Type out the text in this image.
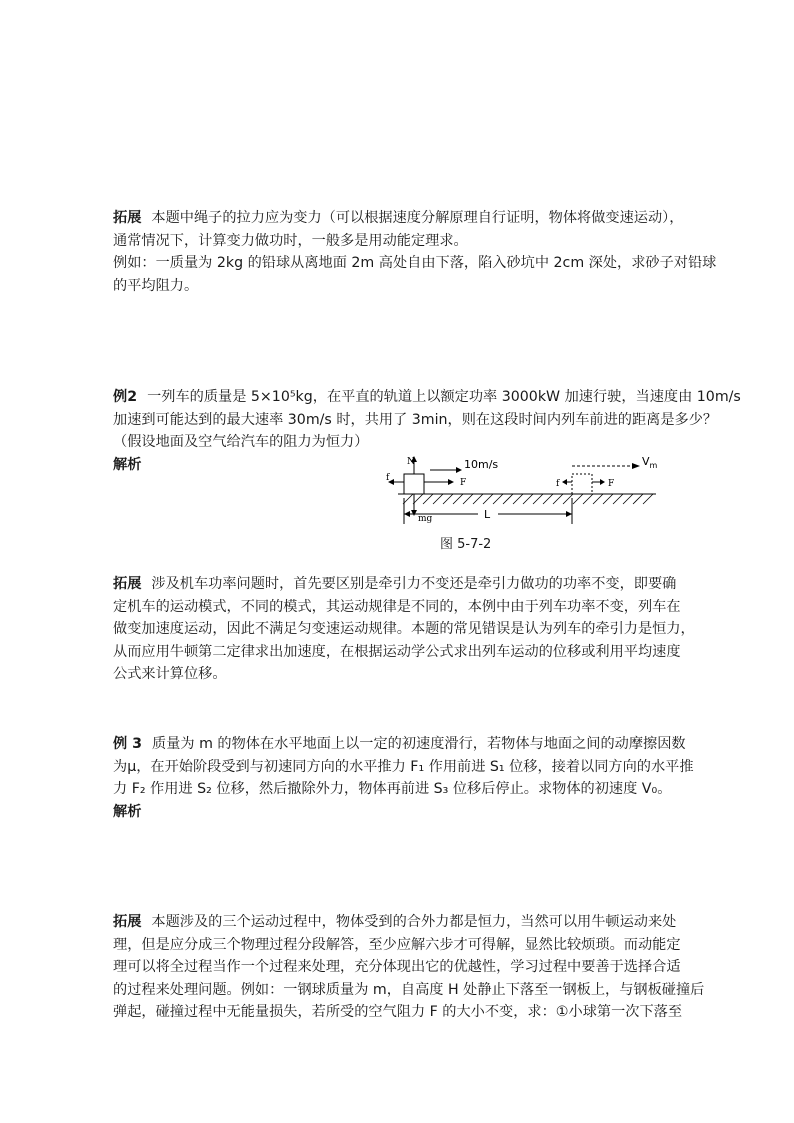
拓展 本题中绳子的拉力应为变力（可以根据速度分解原理自行证明，物体将做变速运动），
通常情况下，计算变力做功时，一般多是用动能定理求。
例如：一质量为 2kg 的铅球从离地面 2m 高处自由下落，陷入砂坑中 2cm 深处，求砂子对铅球
的平均阻力。
例2 一列车的质量是 5×10⁵kg，在平直的轨道上以额定功率 3000kW 加速行驶，当速度由 10m/s
加速到可能达到的最大速率 30m/s 时，共用了 3min，则在这段时间内列车前进的距离是多少？
（假设地面及空气给汽车的阻力为恒力）
解析	N
mg
f	F
10m/s	$V_m$
f	F
L
图 5-7-2
拓展 涉及机车功率问题时，首先要区别是牵引力不变还是牵引力做功的功率不变，即要确
定机车的运动模式，不同的模式，其运动规律是不同的，本例中由于列车功率不变，列车在
做变加速度运动，因此不满足匀变速运动规律。本题的常见错误是认为列车的牵引力是恒力，
从而应用牛顿第二定律求出加速度，在根据运动学公式求出列车运动的位移或利用平均速度
公式来计算位移。
例 3 质量为 m 的物体在水平地面上以一定的初速度滑行，若物体与地面之间的动摩擦因数
为μ，在开始阶段受到与初速同方向的水平推力 F₁ 作用前进 S₁ 位移，接着以同方向的水平推
力 F₂ 作用进 S₂ 位移，然后撤除外力，物体再前进 S₃ 位移后停止。求物体的初速度 V₀。
解析
拓展 本题涉及的三个运动过程中，物体受到的合外力都是恒力，当然可以用牛顿运动来处
理，但是应分成三个物理过程分段解答，至少应解六步才可得解，显然比较烦琐。而动能定
理可以将全过程当作一个过程来处理，充分体现出它的优越性，学习过程中要善于选择合适
的过程来处理问题。例如：一钢球质量为 m，自高度 H 处静止下落至一钢板上，与钢板碰撞后
弹起，碰撞过程中无能量损失，若所受的空气阻力 F 的大小不变，求：①小球第一次下落至
